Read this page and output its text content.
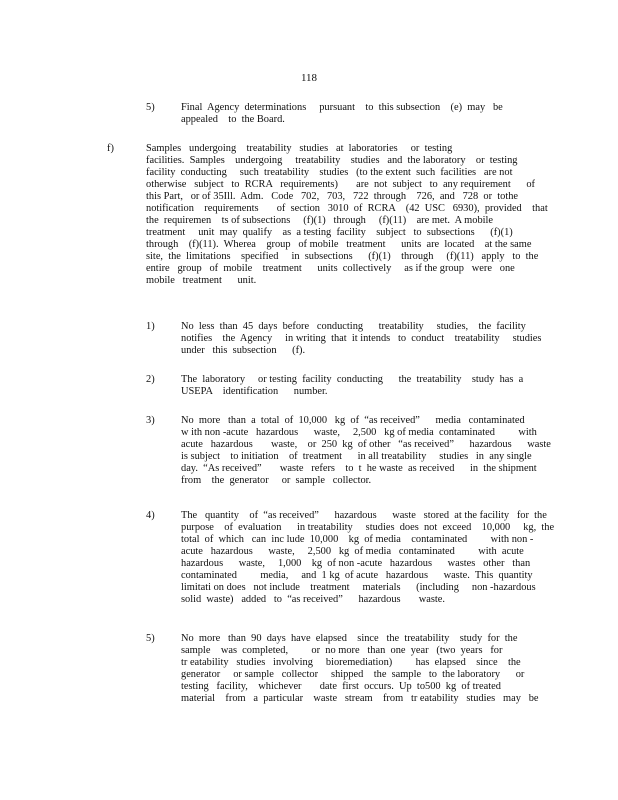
118
5)	Final  Agency  determinations     pursuant    to  this subsection    (e)  may   be
appealed    to  the Board.
f)	Samples   undergoing    treatability   studies   at  laboratories     or  testing
facilities.  Samples    undergoing     treatability    studies   and  the laboratory    or  testing
facility  conducting     such  treatability    studies   (to the extent  such  facilities   are not
otherwise   subject   to  RCRA   requirements)       are  not  subject   to  any requirement      of
this Part,   or of 35Ill.  Adm.   Code   702,   703,   722  through    726,  and   728  or  tothe
notification    requirements       of  section   3010  of  RCRA    (42  USC   6930),  provided    that
the  requiremen    ts of subsections     (f)(1)   through     (f)(11)    are met.  A mobile
treatment     unit  may  qualify    as  a testing  facility    subject   to  subsections      (f)(1)
through    (f)(11).  Wherea    group   of mobile   treatment      units  are  located    at the same
site,  the  limitations    specified     in  subsections      (f)(1)    through     (f)(11)   apply   to  the
entire   group   of  mobile    treatment      units  collectively     as if the group   were   one
mobile   treatment      unit.
1)	No  less  than  45  days  before   conducting      treatability     studies,    the  facility
notifies    the  Agency     in writing  that  it intends   to  conduct    treatability     studies
under   this  subsection      (f).
2)	The  laboratory     or testing  facility  conducting      the  treatability    study  has  a
USEPA    identification      number.
3)	No  more   than  a  total  of  10,000   kg  of  “as received”      media   contaminated
w ith non -acute   hazardous      waste,     2,500   kg of media  contaminated         with
acute   hazardous       waste,    or  250  kg  of other   “as received”      hazardous      waste
is subject    to initiation    of  treatment      in all treatability     studies   in  any single
day.  “As received”       waste   refers    to  t  he waste  as received      in  the shipment
from    the  generator     or  sample   collector.
4)	The   quantity    of  “as received”      hazardous      waste   stored  at the facility   for  the
purpose    of  evaluation      in treatability     studies  does  not  exceed    10,000     kg,  the
total  of  which   can  inc lude  10,000    kg  of media    contaminated         with non -
acute   hazardous      waste,     2,500   kg  of media   contaminated         with  acute
hazardous      waste,     1,000    kg  of non -acute   hazardous      wastes   other   than
contaminated         media,     and  1 kg  of acute   hazardous      waste.  This  quantity
limitati on does   not include    treatment     materials      (including     non -hazardous
solid  waste)   added   to  “as received”      hazardous       waste.
5)	No  more   than  90  days  have  elapsed    since   the  treatability    study  for  the
sample    was  completed,         or  no more   than  one  year   (two  years   for
tr eatability   studies   involving     bioremediation)         has  elapsed    since    the
generator     or sample   collector     shipped    the  sample   to  the laboratory      or
testing   facility,    whichever       date  first  occurs.  Up  to500  kg  of treated
material    from   a  particular    waste   stream    from   tr eatability   studies   may   be
